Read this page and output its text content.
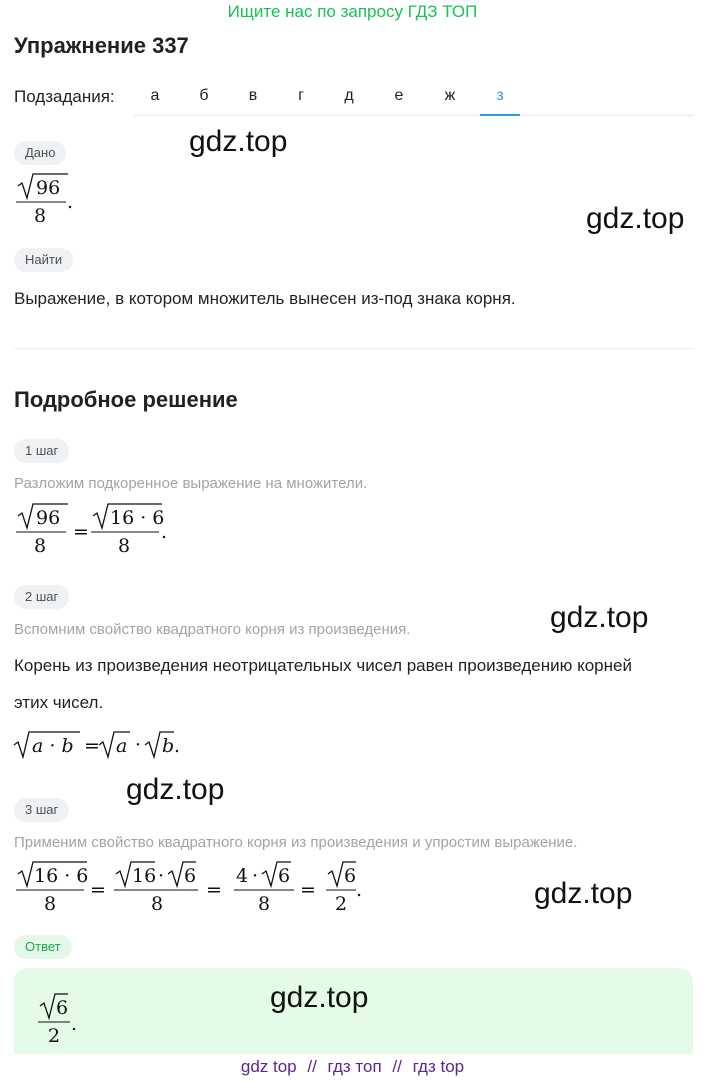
Ищите нас по запросу ГДЗ ТОП
Упражнение 337
Подзадания:	а	б	в	г	д	е	ж	з
Дано
96
8
.
Найти
Выражение, в котором множитель вынесен из-под знака корня.
Подробное решение
1 шаг
Разложим подкоренное выражение на множители.
96
8
=
16 · 6
8
.
2 шаг
Вспомним свойство квадратного корня из произведения.
Корень из произведения неотрицательных чисел равен произведению корней
этих чисел.
a · b = a · b .
3 шаг
Применим свойство квадратного корня из произведения и упростим выражение.
16 · 6
8
=
16 · 6
8
=
4 · 6
8
=
6
2
.
Ответ
6
2
.
gdz.top
gdz.top
gdz.top
gdz.top
gdz.top
gdz.top
gdz top // гдз топ // гдз top
